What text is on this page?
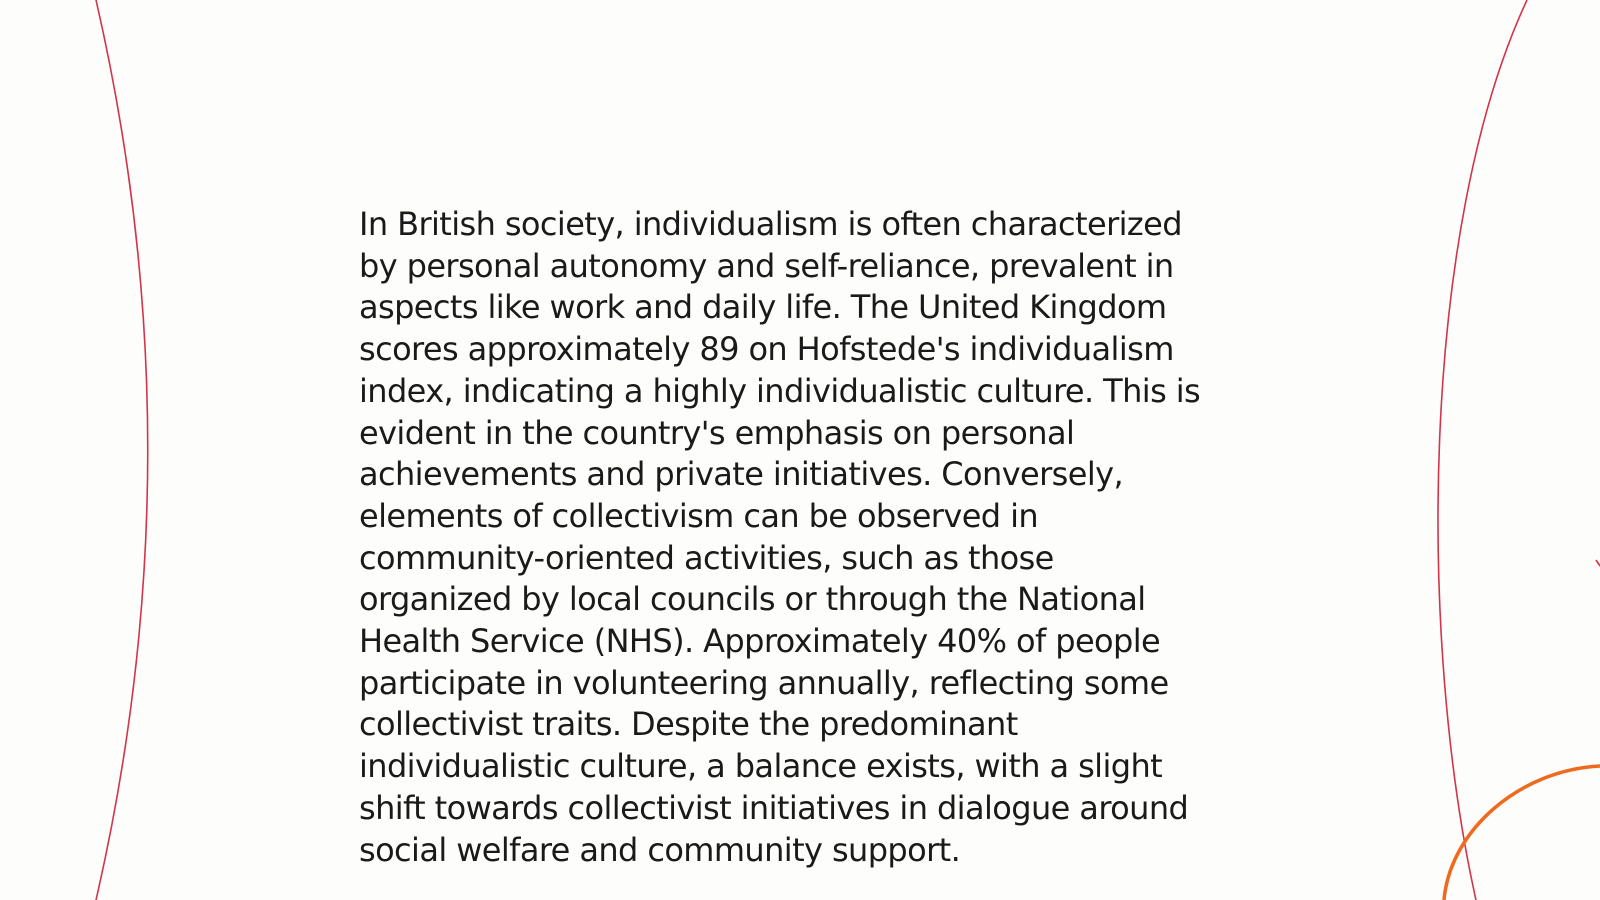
In British society, individualism is often characterized
by personal autonomy and self-reliance, prevalent in
aspects like work and daily life. The United Kingdom
scores approximately 89 on Hofstede's individualism
index, indicating a highly individualistic culture. This is
evident in the country's emphasis on personal
achievements and private initiatives. Conversely,
elements of collectivism can be observed in
community-oriented activities, such as those
organized by local councils or through the National
Health Service (NHS). Approximately 40% of people
participate in volunteering annually, reflecting some
collectivist traits. Despite the predominant
individualistic culture, a balance exists, with a slight
shift towards collectivist initiatives in dialogue around
social welfare and community support.
